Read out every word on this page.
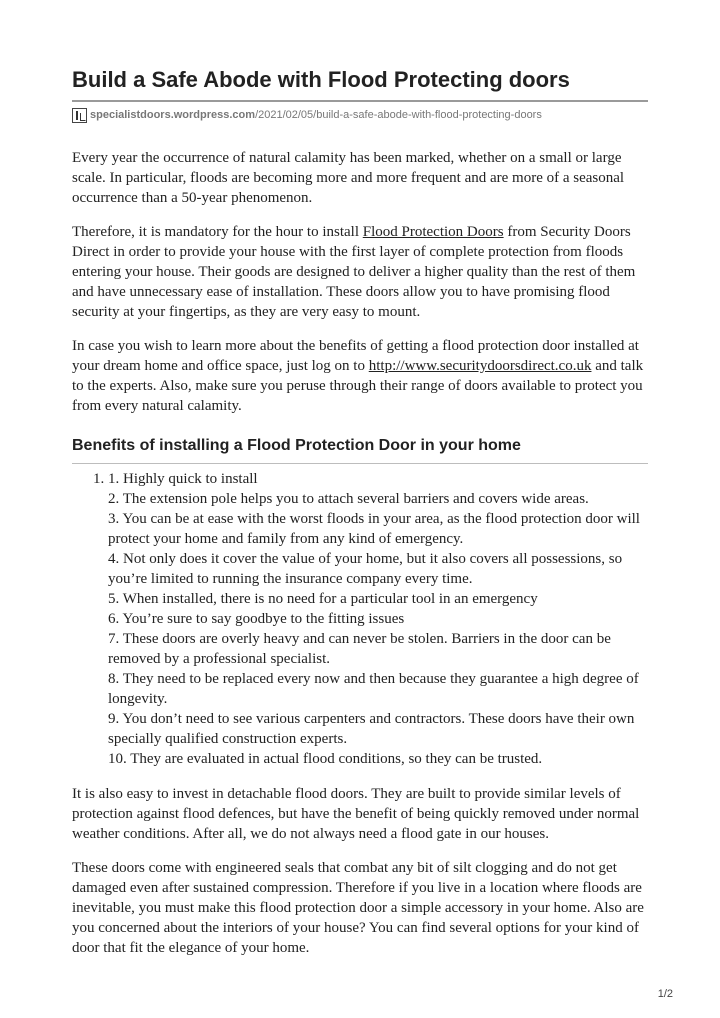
Build a Safe Abode with Flood Protecting doors
specialistdoors.wordpress.com /2021/02/05/build-a-safe-abode-with-flood-protecting-doors

Every year the occurrence of natural calamity has been marked, whether on a small or large scale. In particular, floods are becoming more and more frequent and are more of a seasonal occurrence than a 50-year phenomenon.

Therefore, it is mandatory for the hour to install Flood Protection Doors from Security Doors Direct in order to provide your house with the first layer of complete protection from floods entering your house. Their goods are designed to deliver a higher quality than the rest of them and have unnecessary ease of installation. These doors allow you to have promising flood security at your fingertips, as they are very easy to mount.

In case you wish to learn more about the benefits of getting a flood protection door installed at your dream home and office space, just log on to http://www.securitydoorsdirect.co.uk and talk to the experts. Also, make sure you peruse through their range of doors available to protect you from every natural calamity.

Benefits of installing a Flood Protection Door in your home
1. 1. Highly quick to install
2. The extension pole helps you to attach several barriers and covers wide areas.
3. You can be at ease with the worst floods in your area, as the flood protection door will protect your home and family from any kind of emergency.
4. Not only does it cover the value of your home, but it also covers all possessions, so you’re limited to running the insurance company every time.
5. When installed, there is no need for a particular tool in an emergency
6. You’re sure to say goodbye to the fitting issues
7. These doors are overly heavy and can never be stolen. Barriers in the door can be removed by a professional specialist.
8. They need to be replaced every now and then because they guarantee a high degree of longevity.
9. You don’t need to see various carpenters and contractors. These doors have their own specially qualified construction experts.
10. They are evaluated in actual flood conditions, so they can be trusted.

It is also easy to invest in detachable flood doors. They are built to provide similar levels of protection against flood defences, but have the benefit of being quickly removed under normal weather conditions. After all, we do not always need a flood gate in our houses.

These doors come with engineered seals that combat any bit of silt clogging and do not get damaged even after sustained compression. Therefore if you live in a location where floods are inevitable, you must make this flood protection door a simple accessory in your home. Also are you concerned about the interiors of your house? You can find several options for your kind of door that fit the elegance of your home.

1/2
